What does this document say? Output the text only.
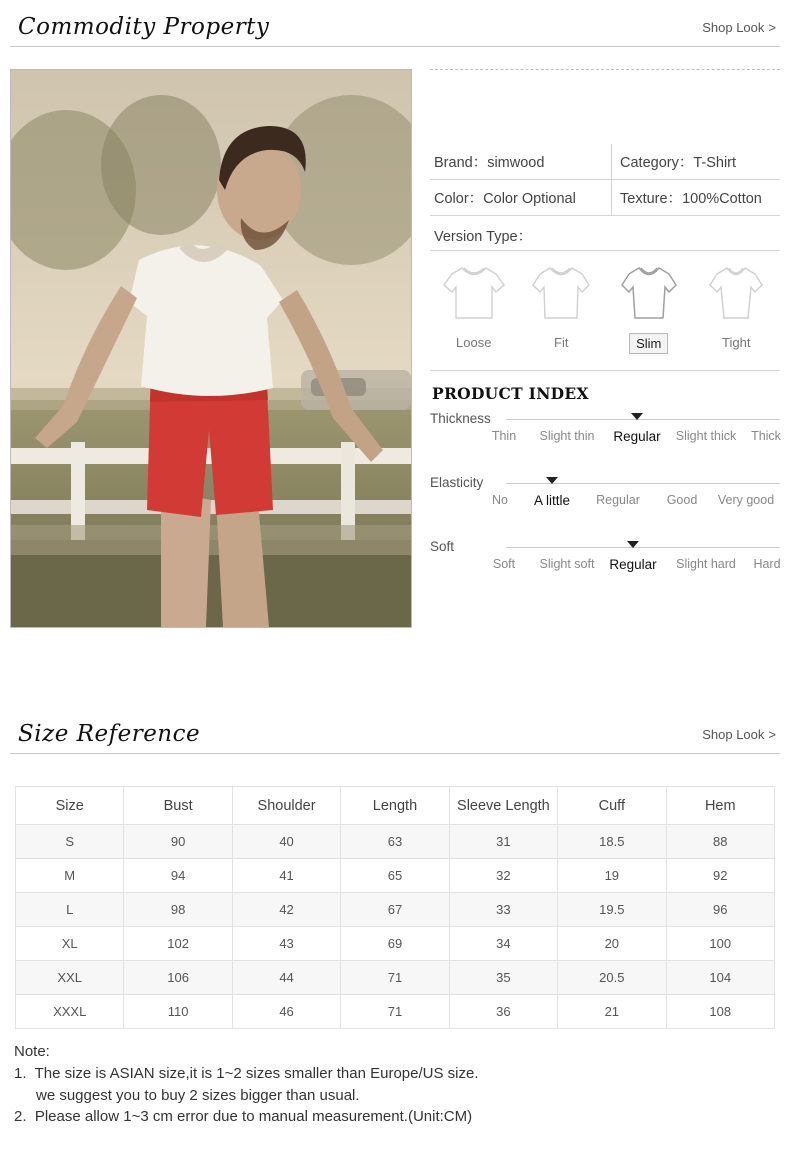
Commodity Property	Shop Look >
Brand：simwood	Category：T-Shirt
Color：Color Optional	Texture：100%Cotton
Version Type：
Loose	Fit	Slim	Tight
PRODUCT INDEX
Thickness
Thin Slight thin Regular Slight thick Thick
Elasticity
No A little Regular Good Very good
Soft
Soft Slight soft Regular Slight hard Hard
Size Reference	Shop Look >
Size	Bust	Shoulder	Length	Sleeve Length	Cuff	Hem
S	90	40	63	31	18.5	88
M	94	41	65	32	19	92
L	98	42	67	33	19.5	96
XL	102	43	69	34	20	100
XXL	106	44	71	35	20.5	104
XXXL	110	46	71	36	21	108
Note:
1.  The size is ASIAN size,it is 1~2 sizes smaller than Europe/US size.
we suggest you to buy 2 sizes bigger than usual.
2.  Please allow 1~3 cm error due to manual measurement.(Unit:CM)
